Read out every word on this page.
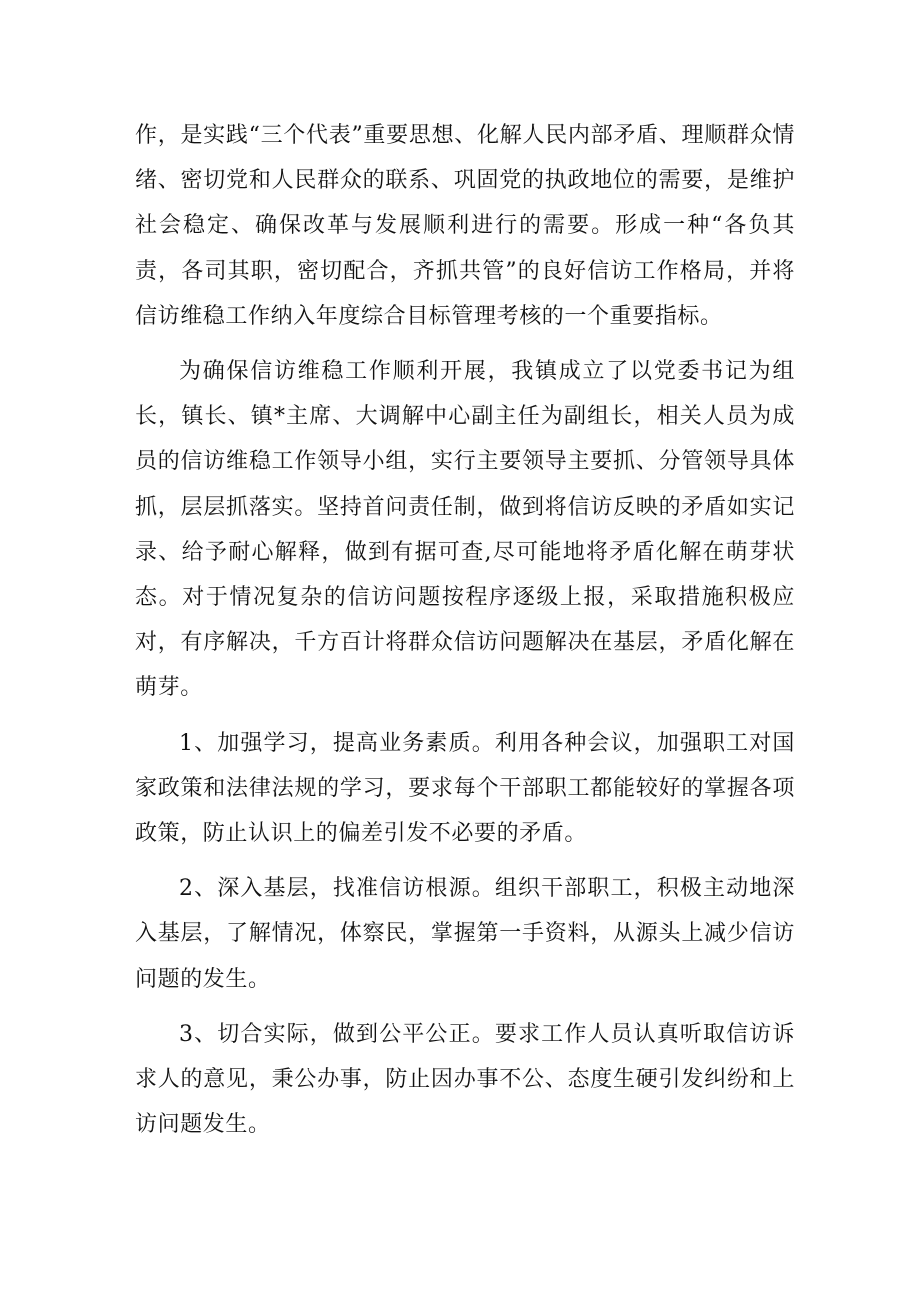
作，是实践“三个代表”重要思想、化解人民内部矛盾、理顺群众情绪、密切党和人民群众的联系、巩固党的执政地位的需要，是维护社会稳定、确保改革与发展顺利进行的需要。形成一种“各负其责，各司其职，密切配合，齐抓共管”的良好信访工作格局，并将信访维稳工作纳入年度综合目标管理考核的一个重要指标。

为确保信访维稳工作顺利开展，我镇成立了以党委书记为组长，镇长、镇*主席、大调解中心副主任为副组长，相关人员为成员的信访维稳工作领导小组，实行主要领导主要抓、分管领导具体抓，层层抓落实。坚持首问责任制，做到将信访反映的矛盾如实记录、给予耐心解释，做到有据可查,尽可能地将矛盾化解在萌芽状态。对于情况复杂的信访问题按程序逐级上报，采取措施积极应对，有序解决，千方百计将群众信访问题解决在基层，矛盾化解在萌芽。

1、加强学习，提高业务素质。利用各种会议，加强职工对国家政策和法律法规的学习，要求每个干部职工都能较好的掌握各项政策，防止认识上的偏差引发不必要的矛盾。

2、深入基层，找准信访根源。组织干部职工，积极主动地深入基层，了解情况，体察民，掌握第一手资料，从源头上减少信访问题的发生。

3、切合实际，做到公平公正。要求工作人员认真听取信访诉求人的意见，秉公办事，防止因办事不公、态度生硬引发纠纷和上访问题发生。
